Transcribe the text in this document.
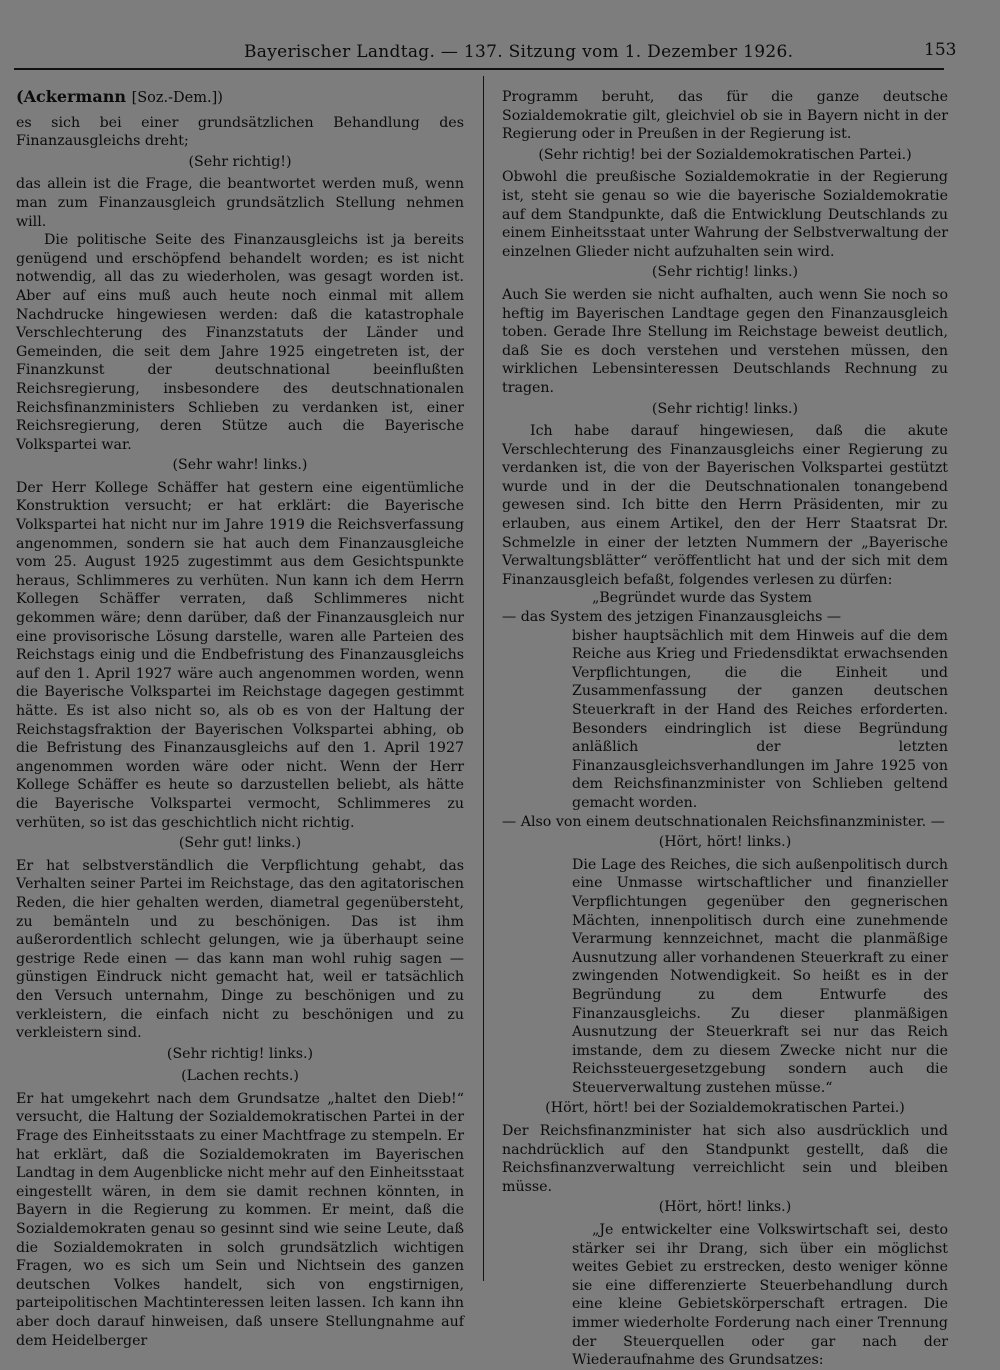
Bayerischer Landtag. — 137. Sitzung vom 1. Dezember 1926.	153
(Ackermann [Soz.-Dem.])

es sich bei einer grundsätzlichen Behandlung des Finanzausgleichs dreht;

(Sehr richtig!)

das allein ist die Frage, die beantwortet werden muß, wenn man zum Finanzausgleich grundsätzlich Stellung nehmen will.

Die politische Seite des Finanzausgleichs ist ja bereits genügend und erschöpfend behandelt worden; es ist nicht notwendig, all das zu wiederholen, was gesagt worden ist. Aber auf eins muß auch heute noch einmal mit allem Nachdrucke hingewiesen werden: daß die katastrophale Verschlechterung des Finanzstatuts der Länder und Gemeinden, die seit dem Jahre 1925 eingetreten ist, der Finanzkunst der deutschnational beeinflußten Reichsregierung, insbesondere des deutschnationalen Reichsfinanzministers Schlieben zu verdanken ist, einer Reichsregierung, deren Stütze auch die Bayerische Volkspartei war.

(Sehr wahr! links.)

Der Herr Kollege Schäffer hat gestern eine eigentümliche Konstruktion versucht; er hat erklärt: die Bayerische Volkspartei hat nicht nur im Jahre 1919 die Reichsverfassung angenommen, sondern sie hat auch dem Finanzausgleiche vom 25. August 1925 zugestimmt aus dem Gesichtspunkte heraus, Schlimmeres zu verhüten. Nun kann ich dem Herrn Kollegen Schäffer verraten, daß Schlimmeres nicht gekommen wäre; denn darüber, daß der Finanzausgleich nur eine provisorische Lösung darstelle, waren alle Parteien des Reichstags einig und die Endbefristung des Finanzausgleichs auf den 1. April 1927 wäre auch angenommen worden, wenn die Bayerische Volkspartei im Reichstage dagegen gestimmt hätte. Es ist also nicht so, als ob es von der Haltung der Reichstagsfraktion der Bayerischen Volkspartei abhing, ob die Befristung des Finanzausgleichs auf den 1. April 1927 angenommen worden wäre oder nicht. Wenn der Herr Kollege Schäffer es heute so darzustellen beliebt, als hätte die Bayerische Volkspartei vermocht, Schlimmeres zu verhüten, so ist das geschichtlich nicht richtig.

(Sehr gut! links.)

Er hat selbstverständlich die Verpflichtung gehabt, das Verhalten seiner Partei im Reichstage, das den agitatorischen Reden, die hier gehalten werden, diametral gegenübersteht, zu bemänteln und zu beschönigen. Das ist ihm außerordentlich schlecht gelungen, wie ja überhaupt seine gestrige Rede einen — das kann man wohl ruhig sagen — günstigen Eindruck nicht gemacht hat, weil er tatsächlich den Versuch unternahm, Dinge zu beschönigen und zu verkleistern, die einfach nicht zu beschönigen und zu verkleistern sind.

(Sehr richtig! links.)
(Lachen rechts.)

Er hat umgekehrt nach dem Grundsatze „haltet den Dieb!“ versucht, die Haltung der Sozialdemokratischen Partei in der Frage des Einheitsstaats zu einer Machtfrage zu stempeln. Er hat erklärt, daß die Sozialdemokraten im Bayerischen Landtag in dem Augenblicke nicht mehr auf den Einheitsstaat eingestellt wären, in dem sie damit rechnen könnten, in Bayern in die Regierung zu kommen. Er meint, daß die Sozialdemokraten genau so gesinnt sind wie seine Leute, daß die Sozialdemokraten in solch grundsätzlich wichtigen Fragen, wo es sich um Sein und Nichtsein des ganzen deutschen Volkes handelt, sich von engstirnigen, parteipolitischen Machtinteressen leiten lassen. Ich kann ihn aber doch darauf hinweisen, daß unsere Stellungnahme auf dem Heidelberger

Programm beruht, das für die ganze deutsche Sozialdemokratie gilt, gleichviel ob sie in Bayern nicht in der Regierung oder in Preußen in der Regierung ist.

(Sehr richtig! bei der Sozialdemokratischen Partei.)

Obwohl die preußische Sozialdemokratie in der Regierung ist, steht sie genau so wie die bayerische Sozialdemokratie auf dem Standpunkte, daß die Entwicklung Deutschlands zu einem Einheitsstaat unter Wahrung der Selbstverwaltung der einzelnen Glieder nicht aufzuhalten sein wird.

(Sehr richtig! links.)

Auch Sie werden sie nicht aufhalten, auch wenn Sie noch so heftig im Bayerischen Landtage gegen den Finanzausgleich toben. Gerade Ihre Stellung im Reichstage beweist deutlich, daß Sie es doch verstehen und verstehen müssen, den wirklichen Lebensinteressen Deutschlands Rechnung zu tragen.

(Sehr richtig! links.)

Ich habe darauf hingewiesen, daß die akute Verschlechterung des Finanzausgleichs einer Regierung zu verdanken ist, die von der Bayerischen Volkspartei gestützt wurde und in der die Deutschnationalen tonangebend gewesen sind. Ich bitte den Herrn Präsidenten, mir zu erlauben, aus einem Artikel, den der Herr Staatsrat Dr. Schmelzle in einer der letzten Nummern der „Bayerische Verwaltungsblätter“ veröffentlicht hat und der sich mit dem Finanzausgleich befaßt, folgendes verlesen zu dürfen:

„Begründet wurde das System

— das System des jetzigen Finanzausgleichs —

bisher hauptsächlich mit dem Hinweis auf die dem Reiche aus Krieg und Friedensdiktat erwachsenden Verpflichtungen, die die Einheit und Zusammenfassung der ganzen deutschen Steuerkraft in der Hand des Reiches erforderten. Besonders eindringlich ist diese Begründung anläßlich der letzten Finanzausgleichsverhandlungen im Jahre 1925 von dem Reichsfinanzminister von Schlieben geltend gemacht worden.

— Also von einem deutschnationalen Reichsfinanzminister. —

(Hört, hört! links.)

Die Lage des Reiches, die sich außenpolitisch durch eine Unmasse wirtschaftlicher und finanzieller Verpflichtungen gegenüber den gegnerischen Mächten, innenpolitisch durch eine zunehmende Verarmung kennzeichnet, macht die planmäßige Ausnutzung aller vorhandenen Steuerkraft zu einer zwingenden Notwendigkeit. So heißt es in der Begründung zu dem Entwurfe des Finanzausgleichs. Zu dieser planmäßigen Ausnutzung der Steuerkraft sei nur das Reich imstande, dem zu diesem Zwecke nicht nur die Reichssteuergesetzgebung sondern auch die Steuerverwaltung zustehen müsse.“

(Hört, hört! bei der Sozialdemokratischen Partei.)

Der Reichsfinanzminister hat sich also ausdrücklich und nachdrücklich auf den Standpunkt gestellt, daß die Reichsfinanzverwaltung verreichlicht sein und bleiben müsse.

(Hört, hört! links.)

„Je entwickelter eine Volkswirtschaft sei, desto stärker sei ihr Drang, sich über ein möglichst weites Gebiet zu erstrecken, desto weniger könne sie eine differenzierte Steuerbehandlung durch eine kleine Gebietskörperschaft ertragen. Die immer wiederholte Forderung nach einer Trennung der Steuerquellen oder gar nach der Wiederaufnahme des Grundsatzes:
